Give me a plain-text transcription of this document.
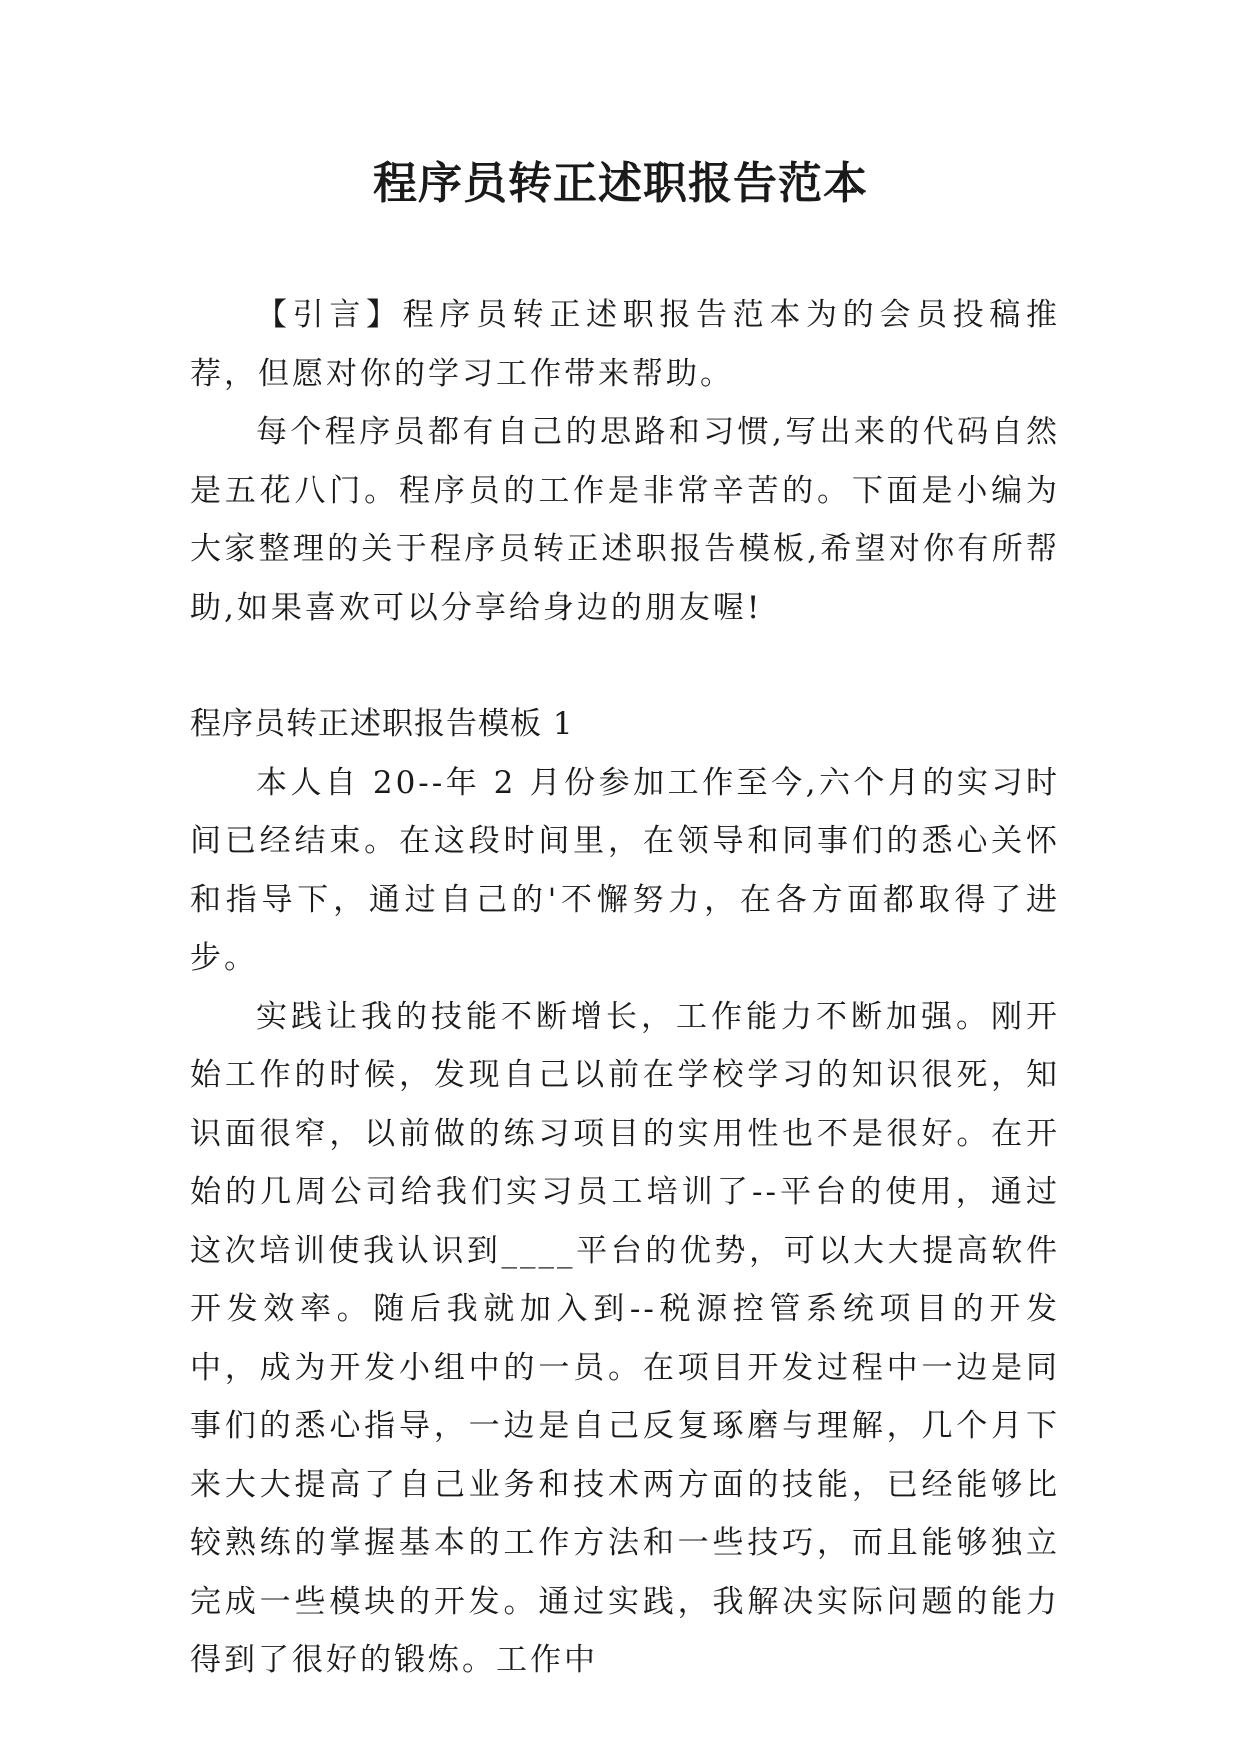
程序员转正述职报告范本

【引言】程序员转正述职报告范本为的会员投稿推荐，但愿对你的学习工作带来帮助。

每个程序员都有自己的思路和习惯,写出来的代码自然是五花八门。程序员的工作是非常辛苦的。下面是小编为大家整理的关于程序员转正述职报告模板,希望对你有所帮助,如果喜欢可以分享给身边的朋友喔!

程序员转正述职报告模板 1

本人自 20--年 2 月份参加工作至今,六个月的实习时间已经结束。在这段时间里，在领导和同事们的悉心关怀和指导下，通过自己的'不懈努力，在各方面都取得了进步。

实践让我的技能不断增长，工作能力不断加强。刚开始工作的时候，发现自己以前在学校学习的知识很死，知识面很窄，以前做的练习项目的实用性也不是很好。在开始的几周公司给我们实习员工培训了--平台的使用，通过这次培训使我认识到____平台的优势，可以大大提高软件开发效率。随后我就加入到--税源控管系统项目的开发中，成为开发小组中的一员。在项目开发过程中一边是同事们的悉心指导，一边是自己反复琢磨与理解，几个月下来大大提高了自己业务和技术两方面的技能，已经能够比较熟练的掌握基本的工作方法和一些技巧，而且能够独立完成一些模块的开发。通过实践，我解决实际问题的能力得到了很好的锻炼。工作中
